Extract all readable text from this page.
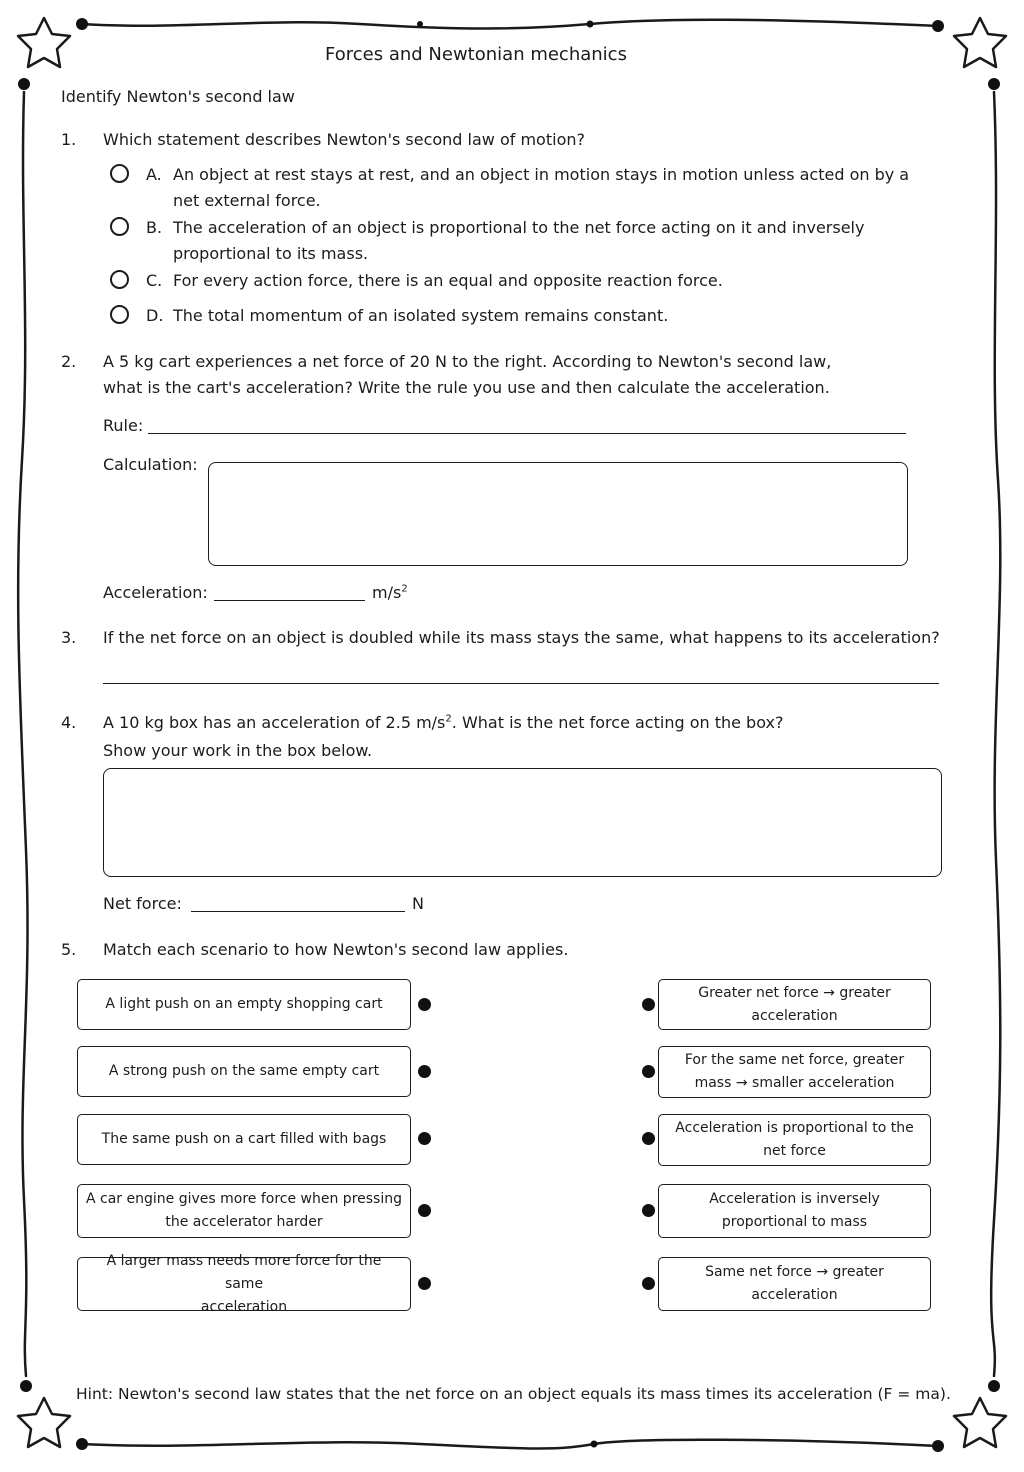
Forces and Newtonian mechanics
Identify Newton's second law
1.	Which statement describes Newton's second law of motion?
A. An object at rest stays at rest, and an object in motion stays in motion unless acted on by a
net external force.
B. The acceleration of an object is proportional to the net force acting on it and inversely
proportional to its mass.
C. For every action force, there is an equal and opposite reaction force.
D. The total momentum of an isolated system remains constant.
2.	A 5 kg cart experiences a net force of 20 N to the right. According to Newton's second law,
what is the cart's acceleration? Write the rule you use and then calculate the acceleration.
Rule:
Calculation:
Acceleration:	$m/s^2$
3.	If the net force on an object is doubled while its mass stays the same, what happens to its acceleration?
4.	A 10 kg box has an acceleration of 2.5 $m/s^2$. What is the net force acting on the box?
Show your work in the box below.
Net force:	N
5.	Match each scenario to how Newton's second law applies.
A light push on an empty shopping cart
A strong push on the same empty cart
The same push on a cart filled with bags
A car engine gives more force when pressing
the accelerator harder
A larger mass needs more force for the same
acceleration
Greater net force → greater
acceleration
For the same net force, greater
mass → smaller acceleration
Acceleration is proportional to the
net force
Acceleration is inversely
proportional to mass
Same net force → greater
acceleration
Hint: Newton's second law states that the net force on an object equals its mass times its acceleration (F = ma).
